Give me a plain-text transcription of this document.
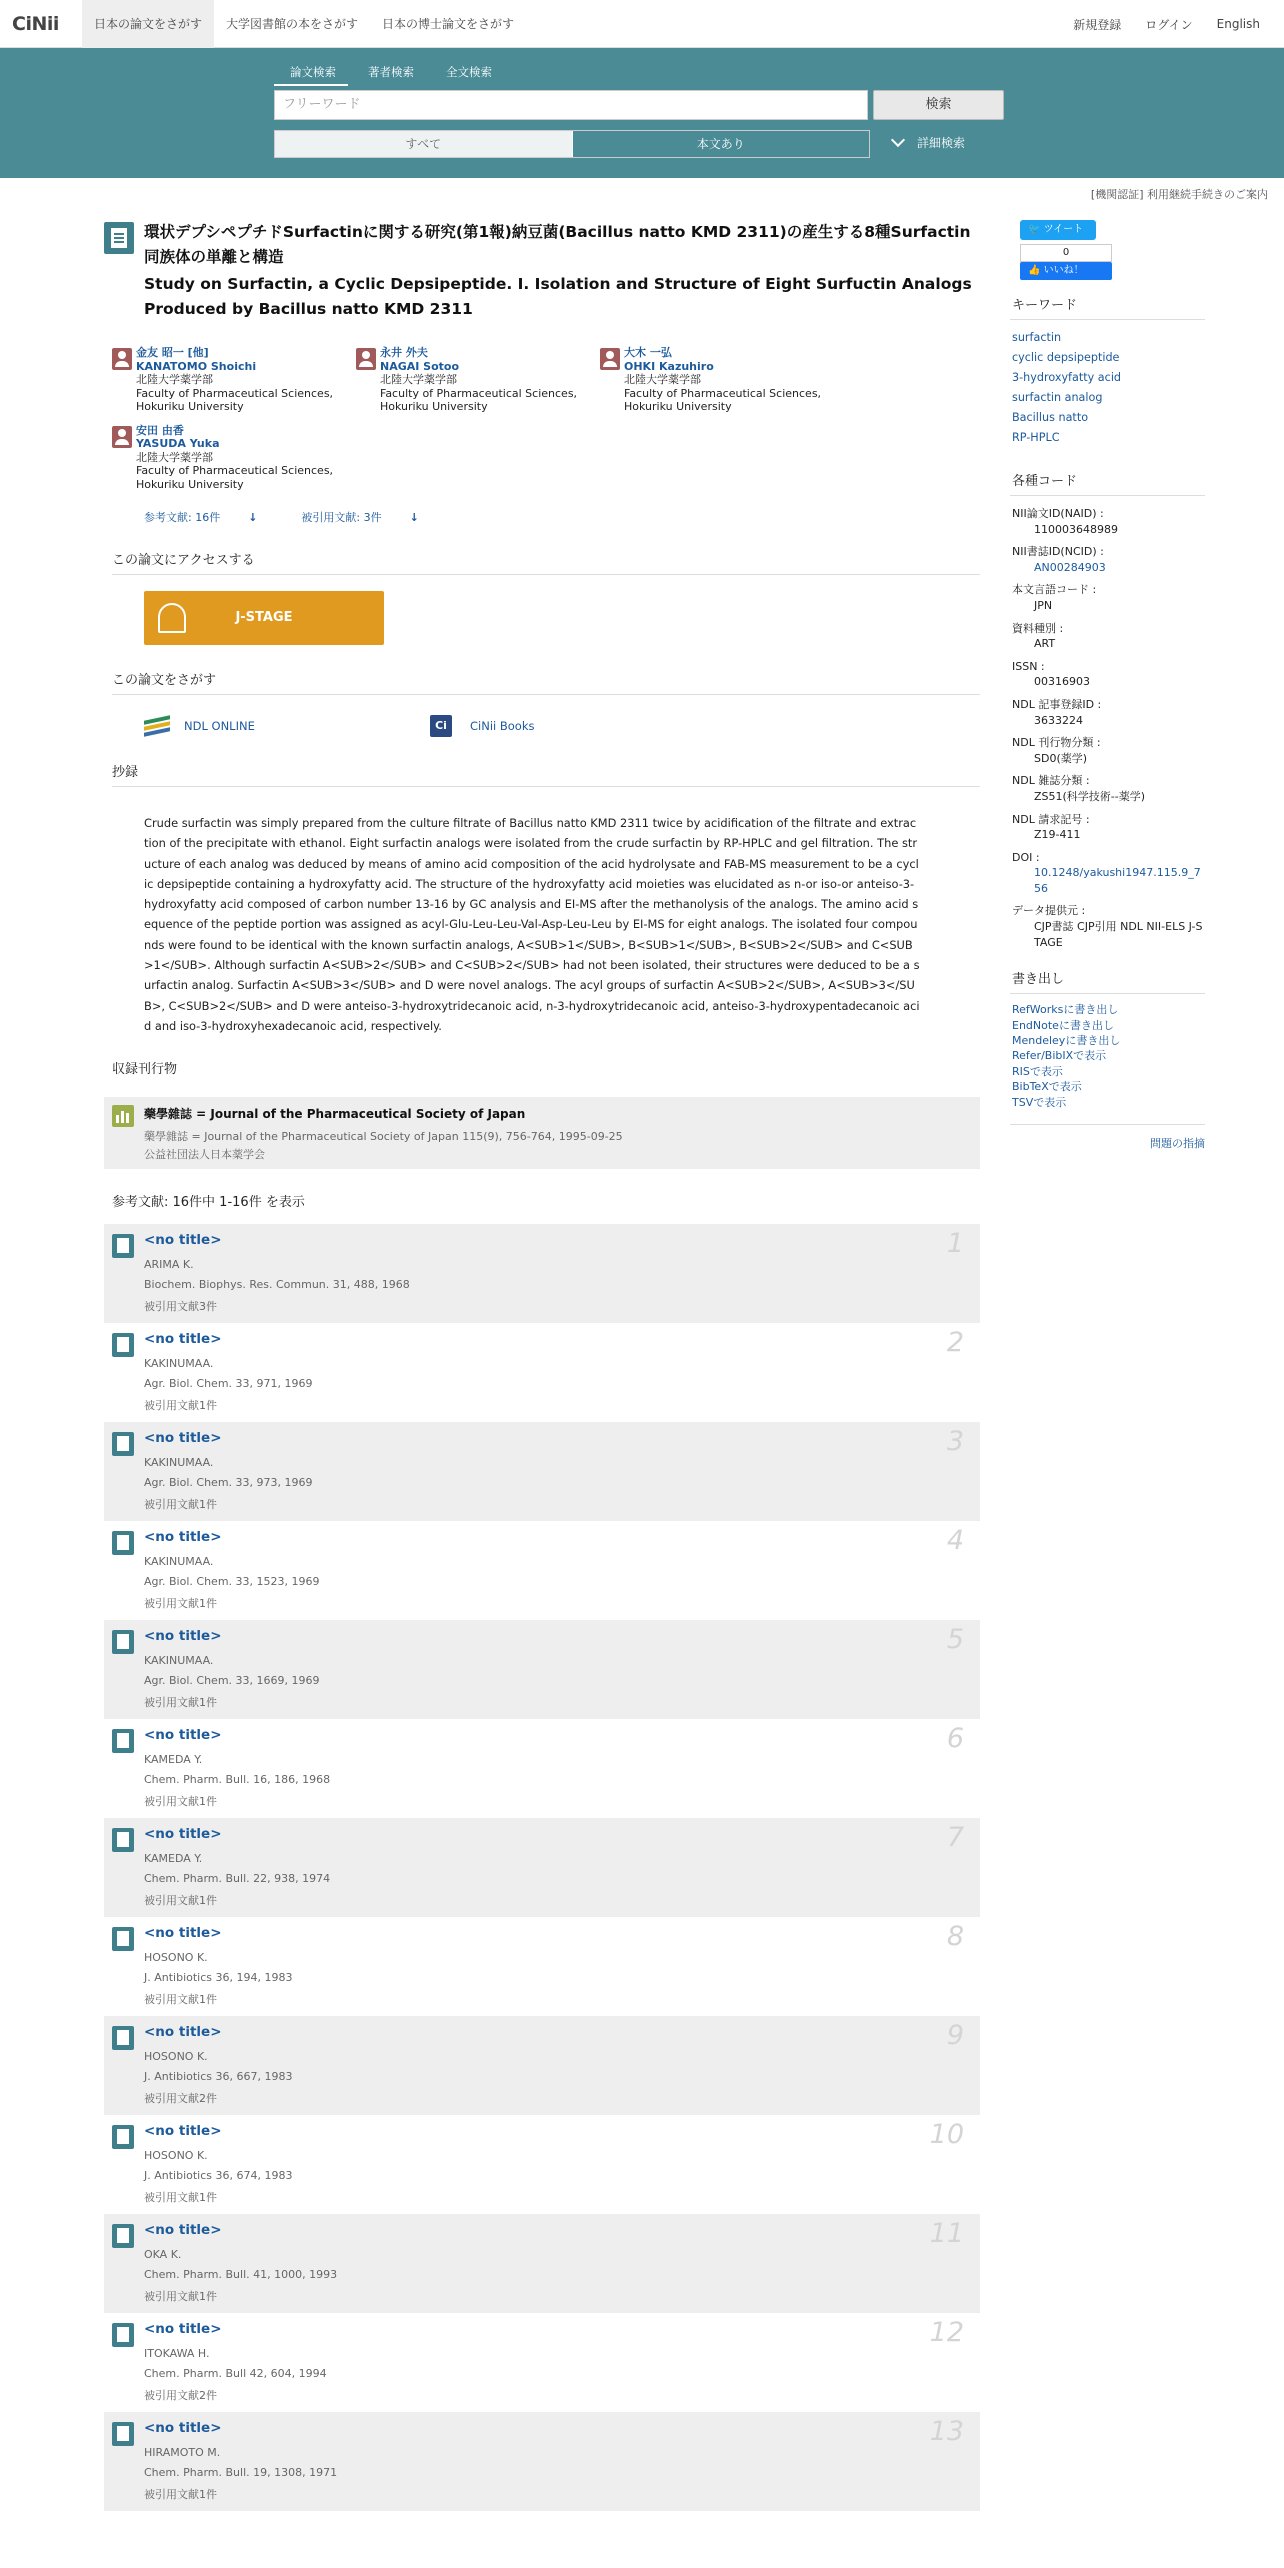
CiNii	日本の論文をさがす	大学図書館の本をさがす	日本の博士論文をさがす	新規登録 ログイン English
論文検索	著者検索	全文検索
フリーワード	検索
すべて	本文あり	詳細検索
[機関認証] 利用継続手続きのご案内
環状デプシペプチドSurfactinに関する研究(第1報)納豆菌(Bacillus natto KMD 2311)の産生する8種Surfactin同族体の単離と構造
Study on Surfactin, a Cyclic Depsipeptide. I. Isolation and Structure of Eight Surfuctin Analogs Produced by Bacillus natto KMD 2311
金友 昭一 [他]
KANATOMO Shoichi
北陸大学薬学部
Faculty of Pharmaceutical Sciences, Hokuriku University
永井 外夫
NAGAI Sotoo
北陸大学薬学部
Faculty of Pharmaceutical Sciences, Hokuriku University
大木 一弘
OHKI Kazuhiro
北陸大学薬学部
Faculty of Pharmaceutical Sciences, Hokuriku University
安田 由香
YASUDA Yuka
北陸大学薬学部
Faculty of Pharmaceutical Sciences, Hokuriku University
参考文献: 16件	↓	被引用文献: 3件	↓
この論文にアクセスする
J-STAGE
この論文をさがす
NDL ONLINE	Ci	CiNii Books
抄録
Crude surfactin was simply prepared from the culture filtrate of Bacillus natto KMD 2311 twice by acidification of the filtrate and extraction of the precipitate with ethanol. Eight surfactin analogs were isolated from the crude surfactin by RP-HPLC and gel filtration. The structure of each analog was deduced by means of amino acid composition of the acid hydrolysate and FAB-MS measurement to be a cyclic depsipeptide containing a hydroxyfatty acid. The structure of the hydroxyfatty acid moieties was elucidated as n-or iso-or anteiso-3-hydroxyfatty acid composed of carbon number 13-16 by GC analysis and EI-MS after the methanolysis of the analogs. The amino acid sequence of the peptide portion was assigned as acyl-Glu-Leu-Leu-Val-Asp-Leu-Leu by EI-MS for eight analogs. The isolated four compounds were found to be identical with the known surfactin analogs, A<SUB>1</SUB>, B<SUB>1</SUB>, B<SUB>2</SUB> and C<SUB>1</SUB>. Although surfactin A<SUB>2</SUB> and C<SUB>2</SUB> had not been isolated, their structures were deduced to be a surfactin analog. Surfactin A<SUB>3</SUB> and D were novel analogs. The acyl groups of surfactin A<SUB>2</SUB>, A<SUB>3</SUB>, C<SUB>2</SUB> and D were anteiso-3-hydroxytridecanoic acid, n-3-hydroxytridecanoic acid, anteiso-3-hydroxypentadecanoic acid and iso-3-hydroxyhexadecanoic acid, respectively.
収録刊行物
藥學雜誌 = Journal of the Pharmaceutical Society of Japan
藥學雜誌 = Journal of the Pharmaceutical Society of Japan 115(9), 756-764, 1995-09-25
公益社団法人日本薬学会
参考文献: 16件中 1-16件 を表示
<no title>
ARIMA K.
Biochem. Biophys. Res. Commun. 31, 488, 1968
被引用文献3件
1
<no title>
KAKINUMAA.
Agr. Biol. Chem. 33, 971, 1969
被引用文献1件
2
<no title>
KAKINUMAA.
Agr. Biol. Chem. 33, 973, 1969
被引用文献1件
3
<no title>
KAKINUMAA.
Agr. Biol. Chem. 33, 1523, 1969
被引用文献1件
4
<no title>
KAKINUMAA.
Agr. Biol. Chem. 33, 1669, 1969
被引用文献1件
5
<no title>
KAMEDA Y.
Chem. Pharm. Bull. 16, 186, 1968
被引用文献1件
6
<no title>
KAMEDA Y.
Chem. Pharm. Bull. 22, 938, 1974
被引用文献1件
7
<no title>
HOSONO K.
J. Antibiotics 36, 194, 1983
被引用文献1件
8
<no title>
HOSONO K.
J. Antibiotics 36, 667, 1983
被引用文献2件
9
<no title>
HOSONO K.
J. Antibiotics 36, 674, 1983
被引用文献1件
10
<no title>
OKA K.
Chem. Pharm. Bull. 41, 1000, 1993
被引用文献1件
11
<no title>
ITOKAWA H.
Chem. Pharm. Bull 42, 604, 1994
被引用文献2件
12
<no title>
HIRAMOTO M.
Chem. Pharm. Bull. 19, 1308, 1971
被引用文献1件
13
🐦 ツイート
0
👍 いいね！
キーワード
surfactin
cyclic depsipeptide
3-hydroxyfatty acid
surfactin analog
Bacillus natto
RP-HPLC
各種コード
NII論文ID(NAID) :
110003648989
NII書誌ID(NCID) :
AN00284903
本文言語コード :
JPN
資料種別 :
ART
ISSN :
00316903
NDL 記事登録ID :
3633224
NDL 刊行物分類 :
SD0(薬学)
NDL 雑誌分類 :
ZS51(科学技術--薬学)
NDL 請求記号 :
Z19-411
DOI :
10.1248/yakushi1947.115.9_756
データ提供元 :
CJP書誌 CJP引用 NDL NII-ELS J-STAGE
書き出し
RefWorksに書き出し
EndNoteに書き出し
Mendeleyに書き出し
Refer/BibIXで表示
RISで表示
BibTeXで表示
TSVで表示
問題の指摘
